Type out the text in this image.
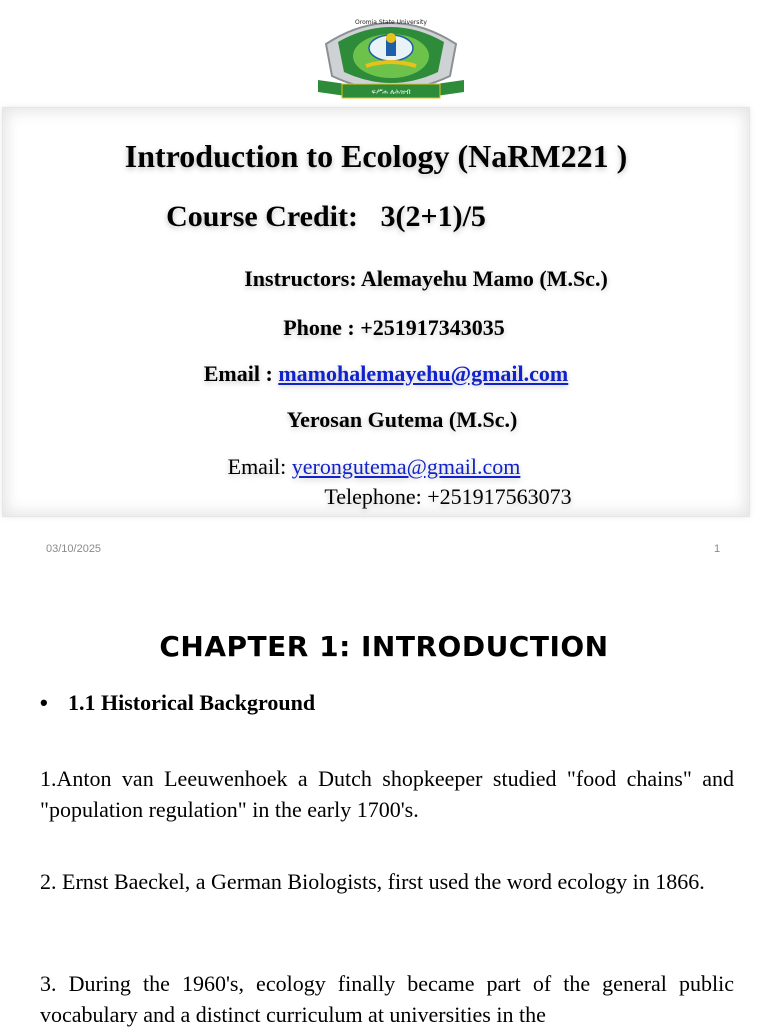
ፍሥሐ ለሕዝብ
Oromia State University
Introduction to Ecology (NaRM221 )
Course Credit: 3(2+1)/5
Instructors: Alemayehu Mamo (M.Sc.)
Phone : +251917343035
Email : mamohalemayehu@gmail.com
Yerosan Gutema (M.Sc.)
Email: yerongutema@gmail.com
Telephone: +251917563073
03/10/2025	1
CHAPTER 1: INTRODUCTION
• 1.1 Historical Background
1.Anton van Leeuwenhoek a Dutch shopkeeper studied "food chains" and "population regulation" in the early 1700's.
2. Ernst Baeckel, a German Biologists, first used the word ecology in 1866.
3. During the 1960's, ecology finally became part of the general public vocabulary and a distinct curriculum at universities in the
